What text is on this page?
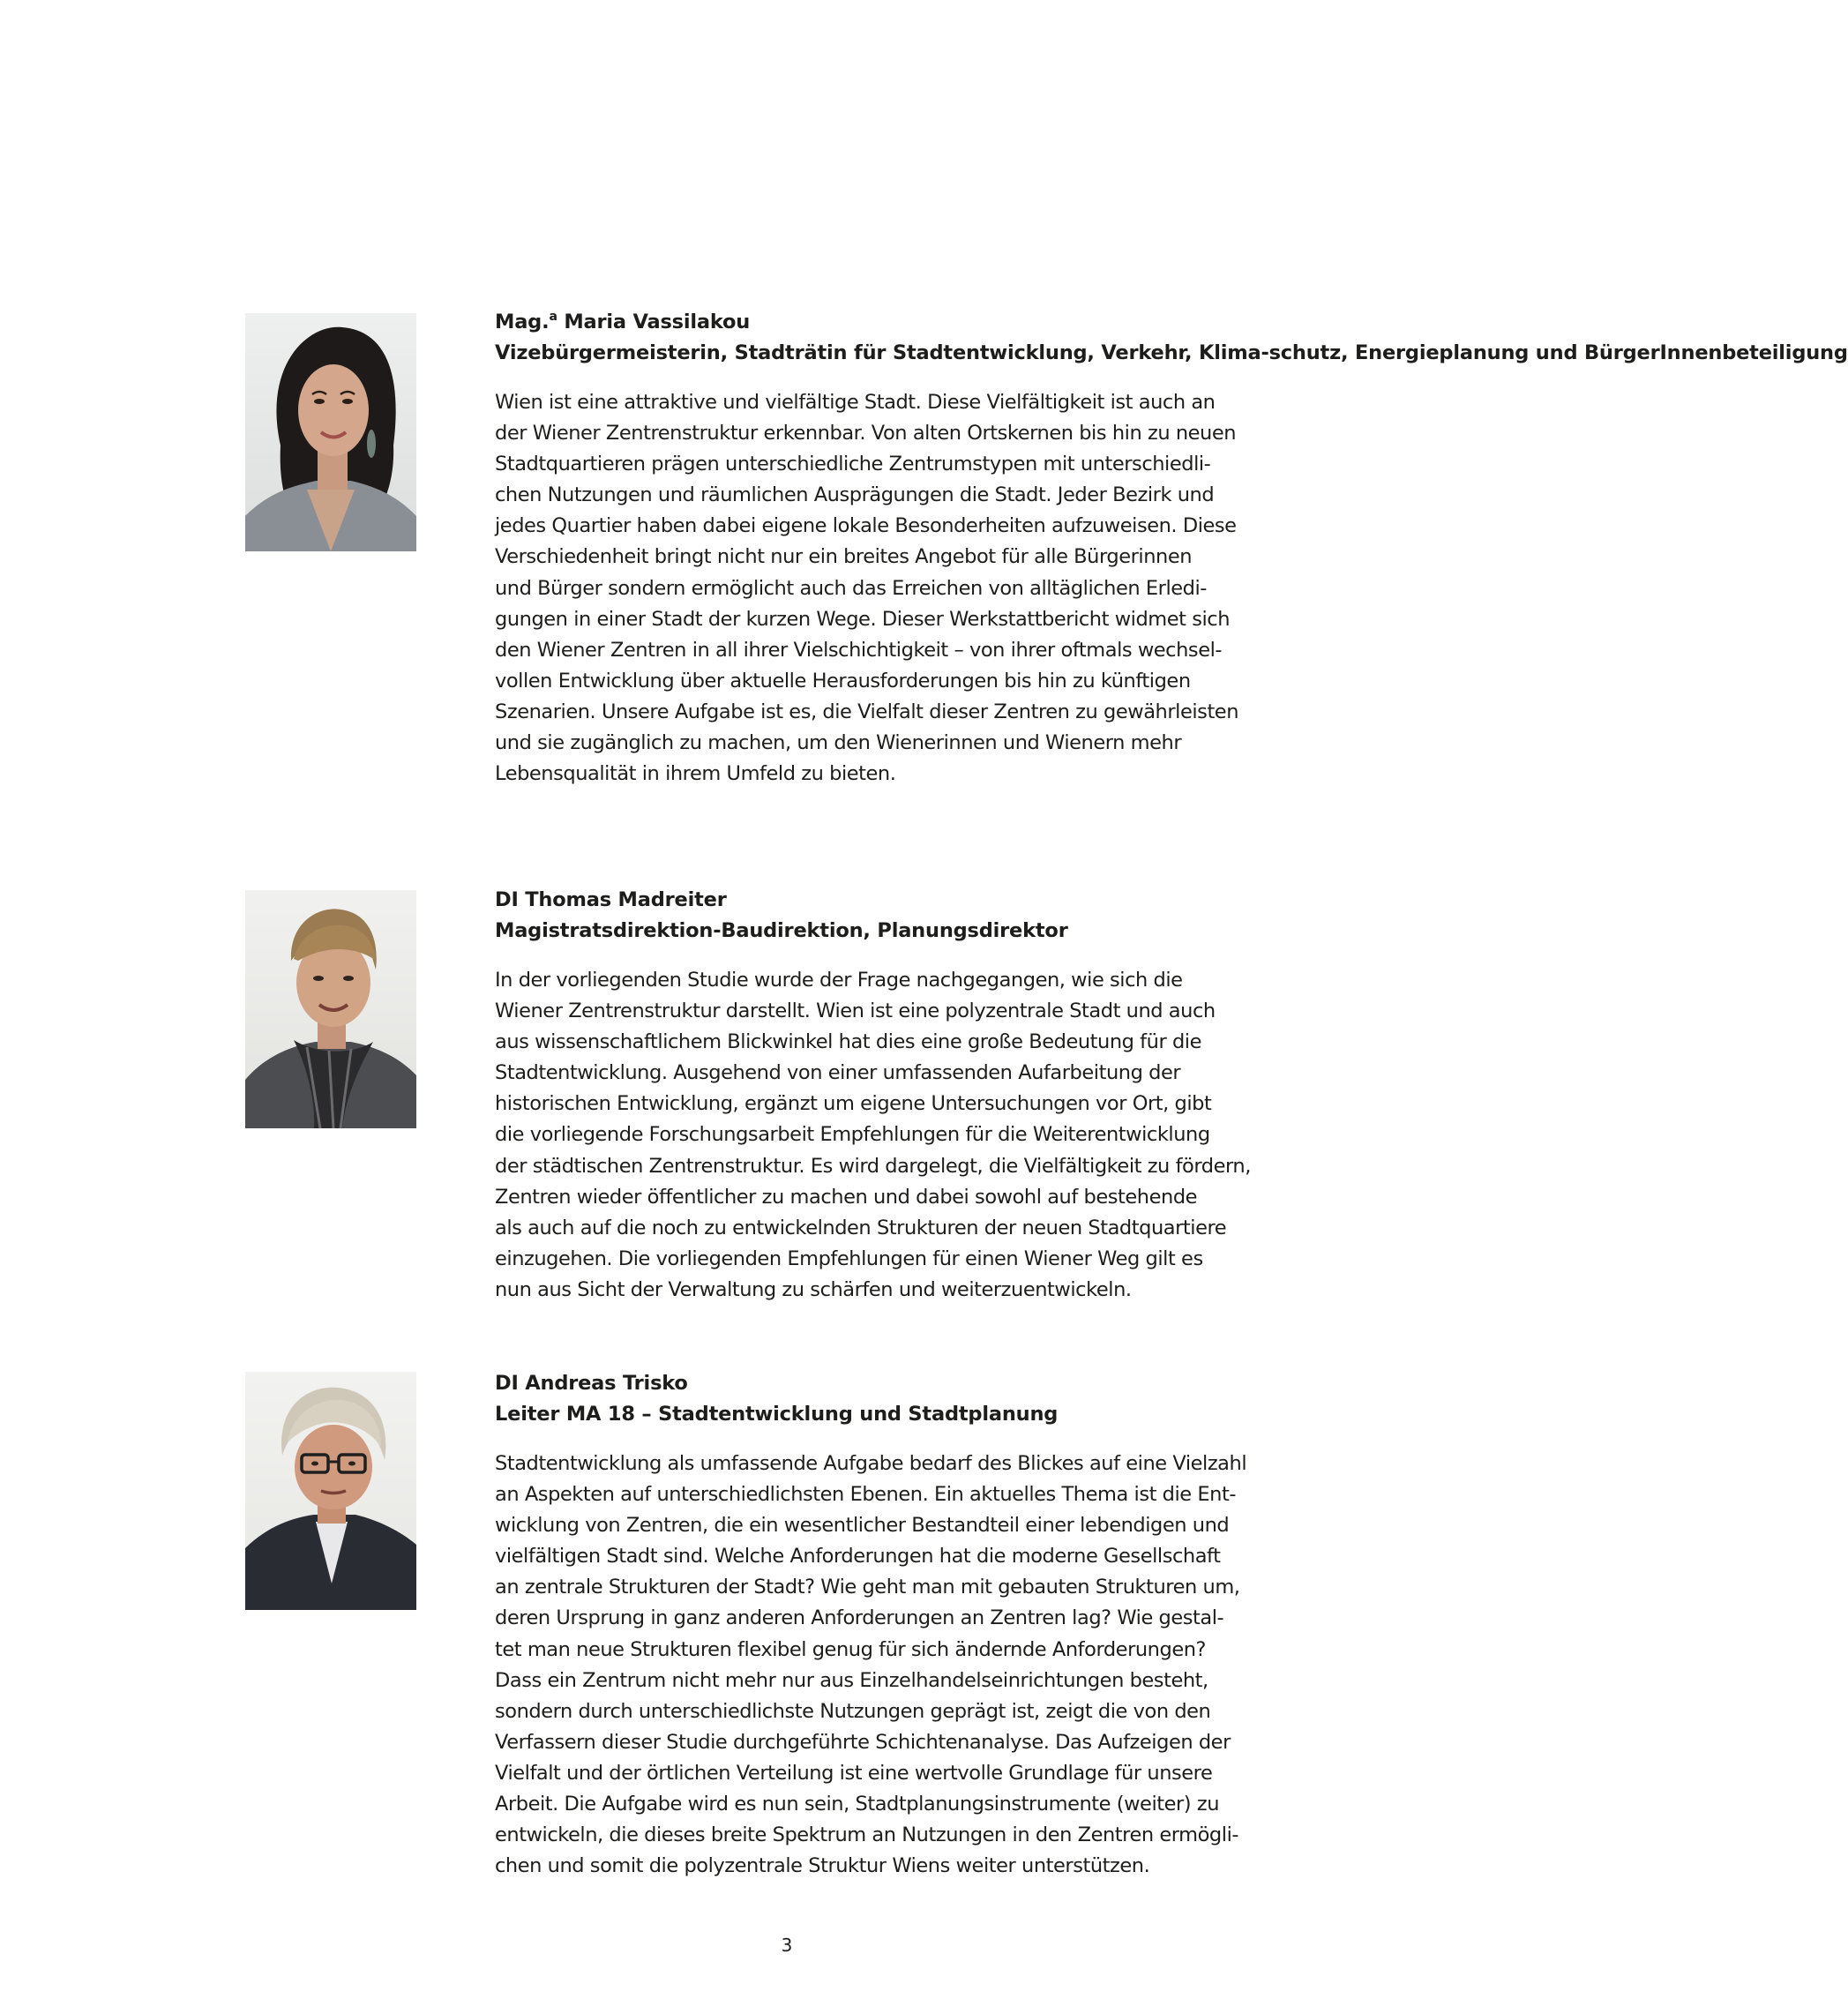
Mag.$^a$ Maria Vassilakou

Vizebürgermeisterin, Stadträtin für Stadtentwicklung, Verkehr, Klima-schutz, Energieplanung und BürgerInnenbeteiligung

Wien ist eine attraktive und vielfältige Stadt. Diese Vielfältigkeit ist auch an
der Wiener Zentrenstruktur erkennbar. Von alten Ortskernen bis hin zu neuen
Stadtquartieren prägen unterschiedliche Zentrumstypen mit unterschiedli-
chen Nutzungen und räumlichen Ausprägungen die Stadt. Jeder Bezirk und
jedes Quartier haben dabei eigene lokale Besonderheiten aufzuweisen. Diese
Verschiedenheit bringt nicht nur ein breites Angebot für alle Bürgerinnen
und Bürger sondern ermöglicht auch das Erreichen von alltäglichen Erledi-
gungen in einer Stadt der kurzen Wege. Dieser Werkstattbericht widmet sich
den Wiener Zentren in all ihrer Vielschichtigkeit – von ihrer oftmals wechsel-
vollen Entwicklung über aktuelle Herausforderungen bis hin zu künftigen
Szenarien. Unsere Aufgabe ist es, die Vielfalt dieser Zentren zu gewährleisten
und sie zugänglich zu machen, um den Wienerinnen und Wienern mehr
Lebensqualität in ihrem Umfeld zu bieten.

DI Thomas Madreiter

Magistratsdirektion-Baudirektion, Planungsdirektor

In der vorliegenden Studie wurde der Frage nachgegangen, wie sich die
Wiener Zentrenstruktur darstellt. Wien ist eine polyzentrale Stadt und auch
aus wissenschaftlichem Blickwinkel hat dies eine große Bedeutung für die
Stadtentwicklung. Ausgehend von einer umfassenden Aufarbeitung der
historischen Entwicklung, ergänzt um eigene Untersuchungen vor Ort, gibt
die vorliegende Forschungsarbeit Empfehlungen für die Weiterentwicklung
der städtischen Zentrenstruktur. Es wird dargelegt, die Vielfältigkeit zu fördern,
Zentren wieder öffentlicher zu machen und dabei sowohl auf bestehende
als auch auf die noch zu entwickelnden Strukturen der neuen Stadtquartiere
einzugehen. Die vorliegenden Empfehlungen für einen Wiener Weg gilt es
nun aus Sicht der Verwaltung zu schärfen und weiterzuentwickeln.

DI Andreas Trisko

Leiter MA 18 – Stadtentwicklung und Stadtplanung

Stadtentwicklung als umfassende Aufgabe bedarf des Blickes auf eine Vielzahl
an Aspekten auf unterschiedlichsten Ebenen. Ein aktuelles Thema ist die Ent-
wicklung von Zentren, die ein wesentlicher Bestandteil einer lebendigen und
vielfältigen Stadt sind. Welche Anforderungen hat die moderne Gesellschaft
an zentrale Strukturen der Stadt? Wie geht man mit gebauten Strukturen um,
deren Ursprung in ganz anderen Anforderungen an Zentren lag? Wie gestal-
tet man neue Strukturen flexibel genug für sich ändernde Anforderungen?
Dass ein Zentrum nicht mehr nur aus Einzelhandelseinrichtungen besteht,
sondern durch unterschiedlichste Nutzungen geprägt ist, zeigt die von den
Verfassern dieser Studie durchgeführte Schichtenanalyse. Das Aufzeigen der
Vielfalt und der örtlichen Verteilung ist eine wertvolle Grundlage für unsere
Arbeit. Die Aufgabe wird es nun sein, Stadtplanungsinstrumente (weiter) zu
entwickeln, die dieses breite Spektrum an Nutzungen in den Zentren ermögli-
chen und somit die polyzentrale Struktur Wiens weiter unterstützen.
3
